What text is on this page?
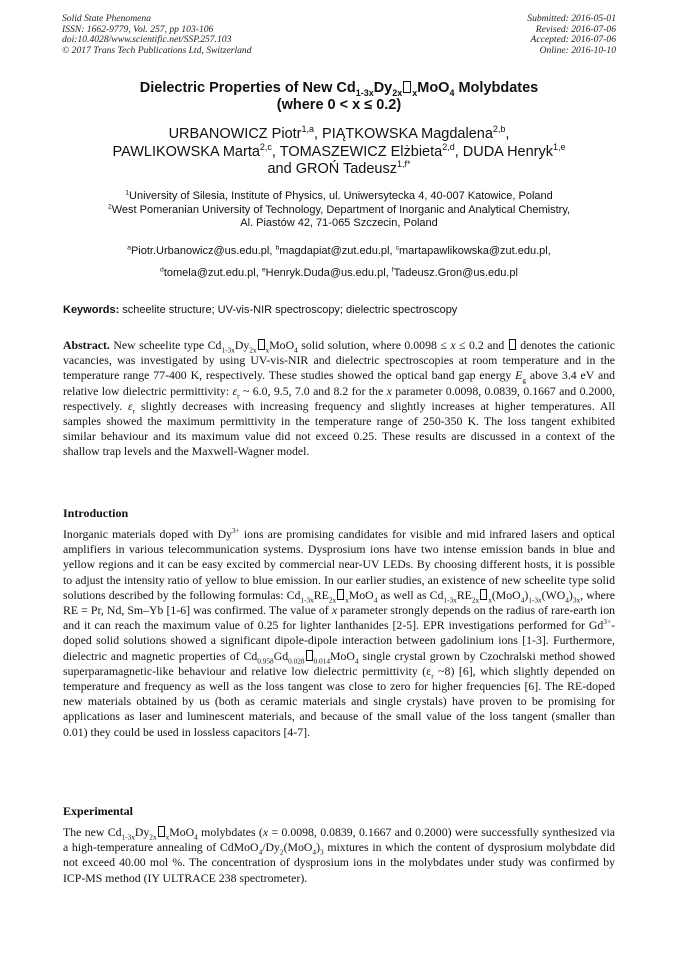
Solid State Phenomena
ISSN: 1662-9779, Vol. 257, pp 103-106
doi:10.4028/www.scientific.net/SSP.257.103
© 2017 Trans Tech Publications Ltd, Switzerland
Submitted: 2016-05-01
Revised: 2016-07-06
Accepted: 2016-07-06
Online: 2016-10-10
Dielectric Properties of New $Cd_{1-3x}Dy_{2x}$ $_x$MoO$_4$ Molybdates
(where 0 < x ≤ 0.2)
URBANOWICZ Piotr$^{1,a}$, PIĄTKOWSKA Magdalena$^{2,b}$,
PAWLIKOWSKA Marta$^{2,c}$, TOMASZEWICZ Elżbieta$^{2,d}$, DUDA Henryk$^{1,e}$
and GROŃ Tadeusz$^{1,f*}$
$^1$University of Silesia, Institute of Physics, ul. Uniwersytecka 4, 40-007 Katowice, Poland
$^2$West Pomeranian University of Technology, Department of Inorganic and Analytical Chemistry,
Al. Piastów 42, 71-065 Szczecin, Poland
$^a$Piotr.Urbanowicz@us.edu.pl, $^b$magdapiat@zut.edu.pl, $^c$martapawlikowska@zut.edu.pl,
$^d$tomela@zut.edu.pl, $^e$Henryk.Duda@us.edu.pl, $^f$Tadeusz.Gron@us.edu.pl
Keywords: scheelite structure; UV-vis-NIR spectroscopy; dielectric spectroscopy
Abstract. New scheelite type $Cd_{1-3x}Dy_{2x}$ $_x$MoO$_4$ solid solution, where 0.0098 ≤ x ≤ 0.2 and  denotes the cationic vacancies, was investigated by using UV-vis-NIR and dielectric spectroscopies at room temperature and in the temperature range 77-400 K, respectively. These studies showed the optical band gap energy $E_g$ above 3.4 eV and relative low dielectric permittivity: $\varepsilon_r$ ~ 6.0, 9.5, 7.0 and 8.2 for the x parameter 0.0098, 0.0839, 0.1667 and 0.2000, respectively. $\varepsilon_r$ slightly decreases with increasing frequency and slightly increases at higher temperatures. All samples showed the maximum permittivity in the temperature range of 250-350 K. The loss tangent exhibited similar behaviour and its maximum value did not exceed 0.25. These results are discussed in a context of the shallow trap levels and the Maxwell-Wagner model.
Introduction
Inorganic materials doped with $Dy^{3+}$ ions are promising candidates for visible and mid infrared lasers and optical amplifiers in various telecommunication systems. Dysprosium ions have two intense emission bands in blue and yellow regions and it can be easy excited by commercial near-UV LEDs. By choosing different hosts, it is possible to adjust the intensity ratio of yellow to blue emission. In our earlier studies, an existence of new scheelite type solid solutions described by the following formulas: $Cd_{1-3x}RE_{2x}$ $_x$MoO$_4$ as well as $Cd_{1-3x}RE_{2x}$ $_x(MoO_4)_{1-3x}(WO_4)_{3x}$, where RE = Pr, Nd, Sm–Yb [1-6] was confirmed. The value of x parameter strongly depends on the radius of rare-earth ion and it can reach the maximum value of 0.25 for lighter lanthanides [2-5]. EPR investigations performed for $Gd^{3+}$-doped solid solutions showed a significant dipole-dipole interaction between gadolinium ions [1-3]. Furthermore, dielectric and magnetic properties of $Cd_{0.958}Gd_{0.028}$ $_{0.014}$MoO$_4$ single crystal grown by Czochralski method showed superparamagnetic-like behaviour and relative low dielectric permittivity ($\varepsilon_r$ ~8) [6], which slightly depended on temperature and frequency as well as the loss tangent was close to zero for higher frequencies [6]. The RE-doped new materials obtained by us (both as ceramic materials and single crystals) have proven to be promising for applications as laser and luminescent materials, and because of the small value of the loss tangent (smaller than 0.01) they could be used in lossless capacitors [4-7].
Experimental
The new $Cd_{1-3x}Dy_{2x}$ $_x$MoO$_4$ molybdates (x = 0.0098, 0.0839, 0.1667 and 0.2000) were successfully synthesized via a high-temperature annealing of $CdMoO_4/Dy_2(MoO_4)_3$ mixtures in which the content of dysprosium molybdate did not exceed 40.00 mol %. The concentration of dysprosium ions in the molybdates under study was confirmed by ICP-MS method (IY ULTRACE 238 spectrometer).
